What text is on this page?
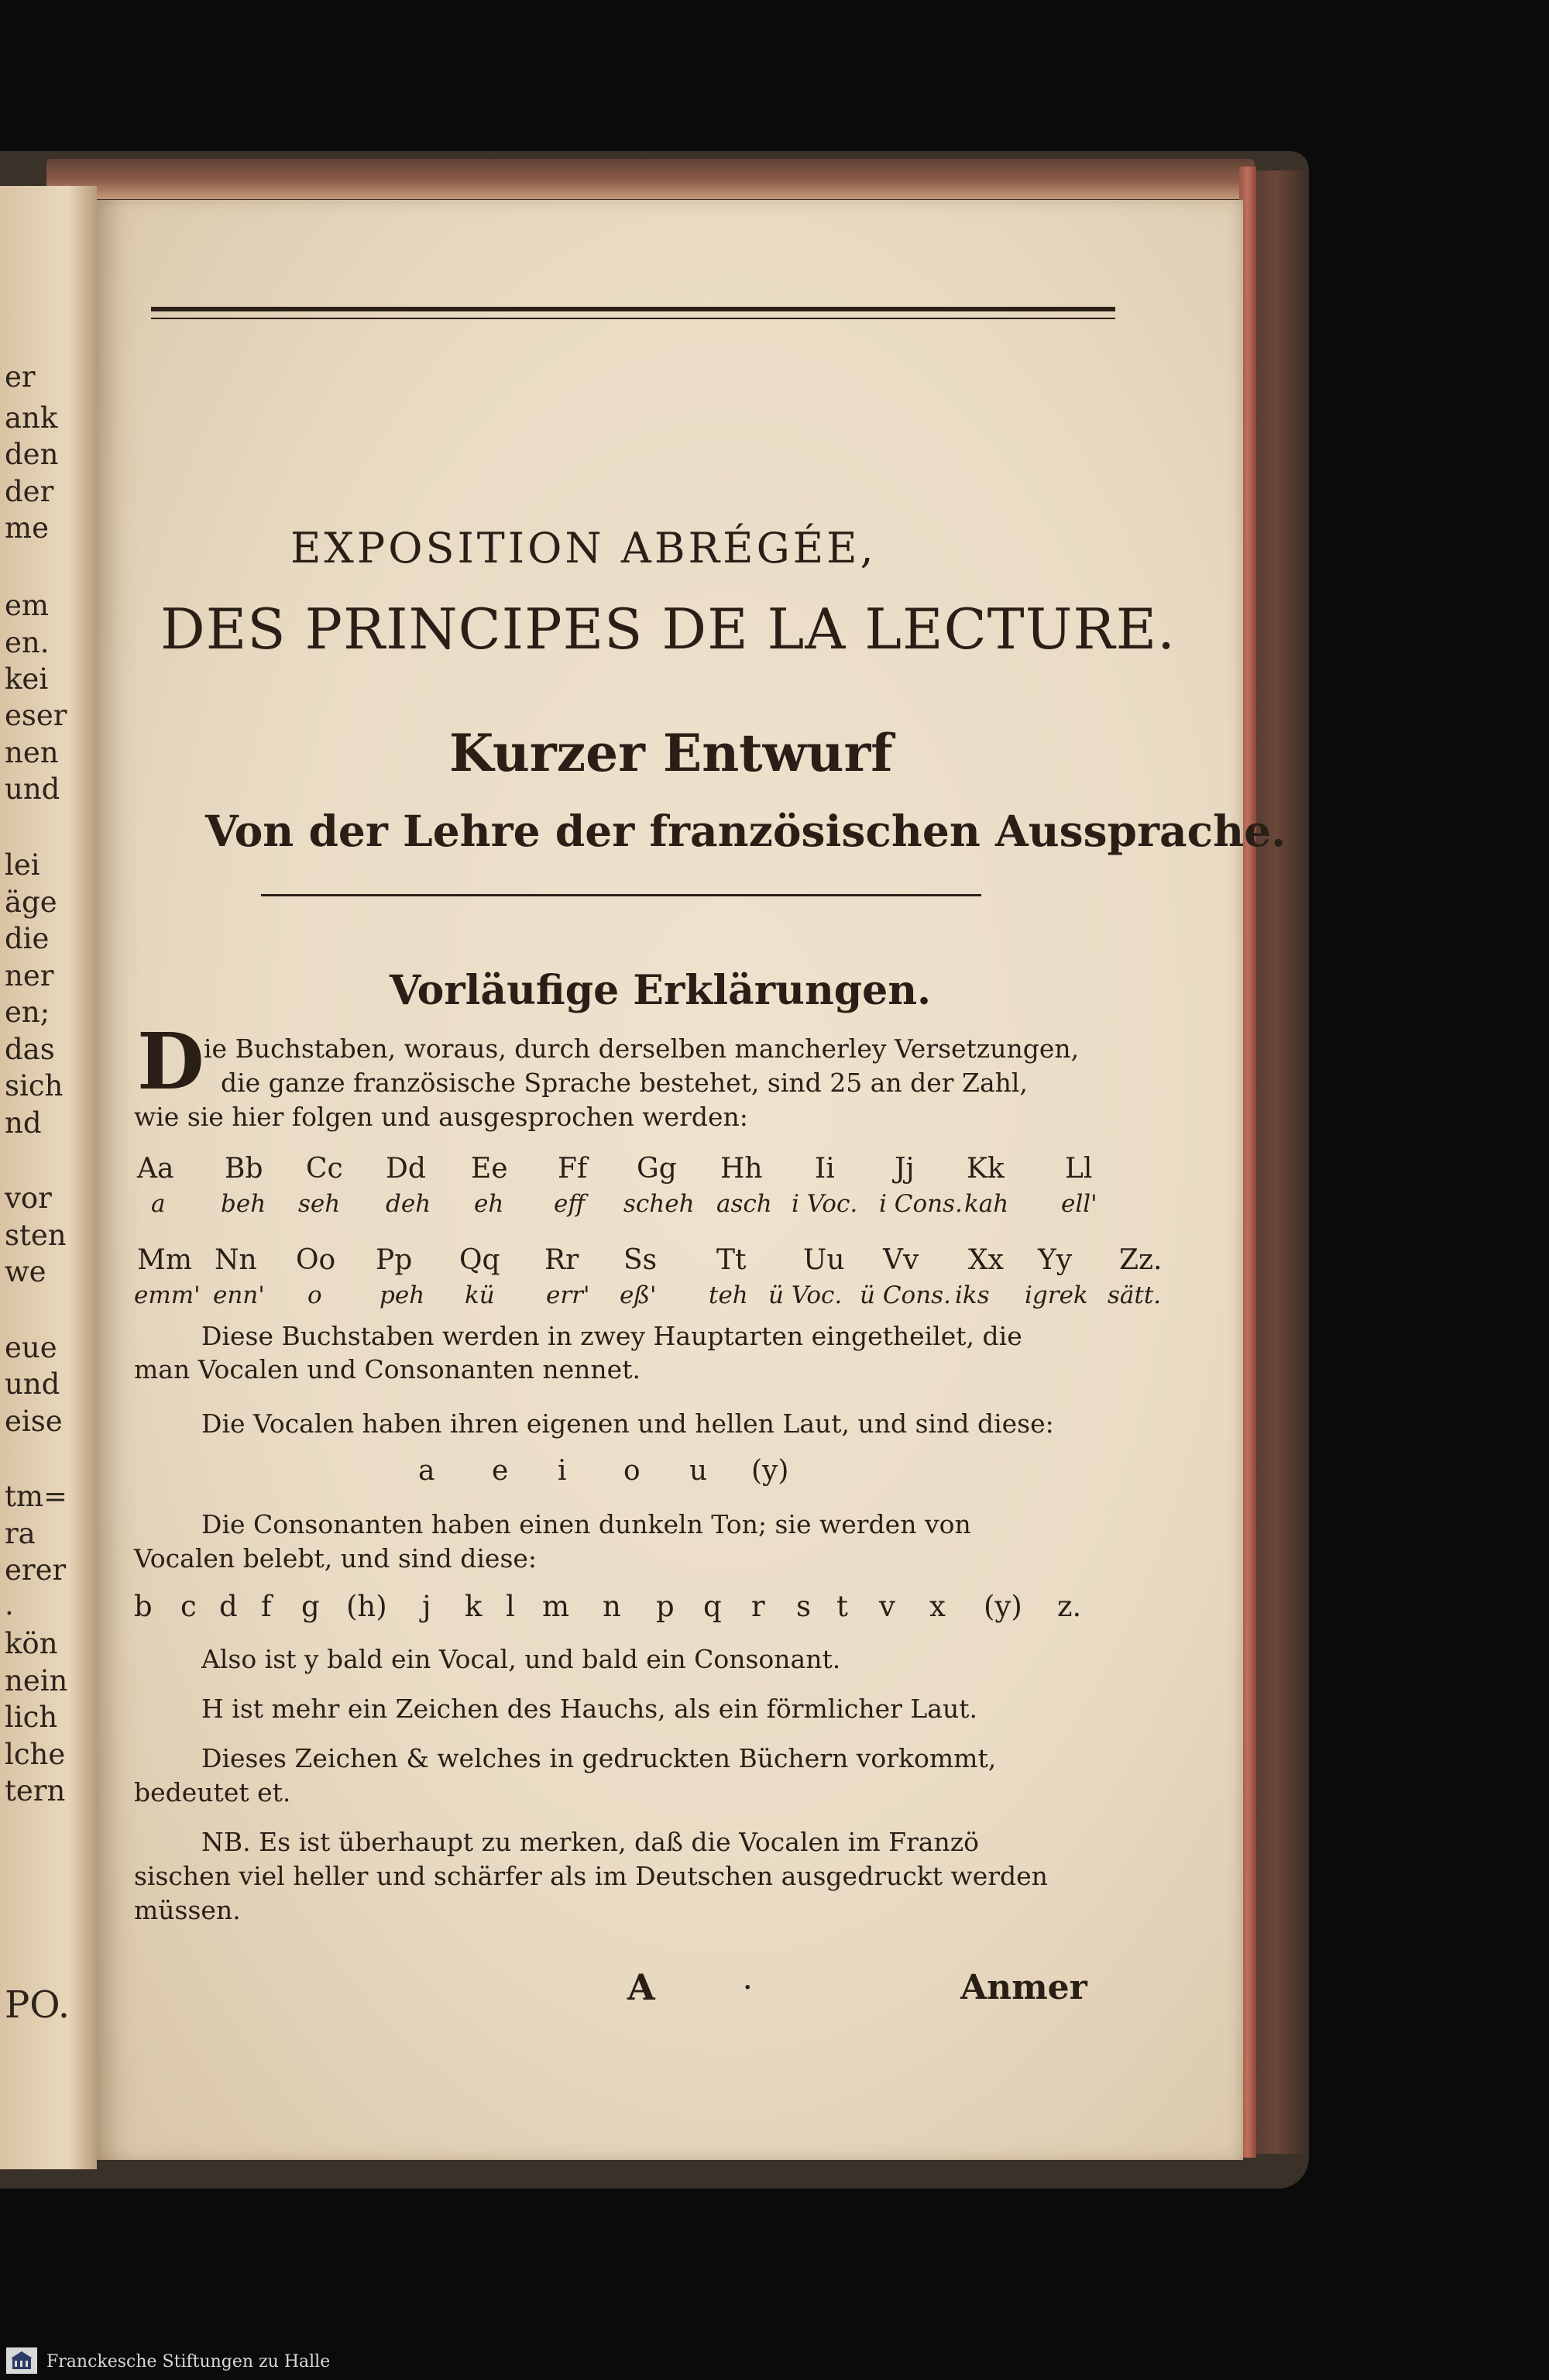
er
ank
den
der
me
em
en.
kei
eser
nen
und
lei
äge
die
ner
en;
das
sich
nd
vor
sten
we
eue
und
eise
tm=
ra
erer
.
kön
nein
lich
lche
tern
PO.
EXPOSITION ABRÉGÉE,
DES PRINCIPES DE LA LECTURE.
Kurzer Entwurf
Von der Lehre der französischen Aussprache.
Vorläufige Erklärungen.
D ie Buchstaben, woraus, durch derselben mancherley Versetzungen,
die ganze französische Sprache bestehet, sind 25 an der Zahl,
wie sie hier folgen und ausgesprochen werden:
Aa Bb Cc Dd Ee Ff Gg Hh Ii Jj Kk Ll
a beh seh deh eh eff scheh asch i Voc. i Cons. kah ell'
Mm Nn Oo Pp Qq Rr Ss Tt Uu Vv Xx Yy Zz.
emm' enn' o peh kü err' eß' teh ü Voc. ü Cons. iks igrek sätt.
Diese Buchstaben werden in zwey Hauptarten eingetheilet, die
man Vocalen und Consonanten nennet.
Die Vocalen haben ihren eigenen und hellen Laut, und sind diese:
a e i o u (y)
Die Consonanten haben einen dunkeln Ton; sie werden von
Vocalen belebt, und sind diese:
b c d f g (h) j k l m n p q r s t v x (y) z.
Also ist y bald ein Vocal, und bald ein Consonant.
H ist mehr ein Zeichen des Hauchs, als ein förmlicher Laut.
Dieses Zeichen & welches in gedruckten Büchern vorkommt,
bedeutet et.
NB. Es ist überhaupt zu merken, daß die Vocalen im Franzö
sischen viel heller und schärfer als im Deutschen ausgedruckt werden
müssen.
A	·	Anmer
Franckesche Stiftungen zu Halle
